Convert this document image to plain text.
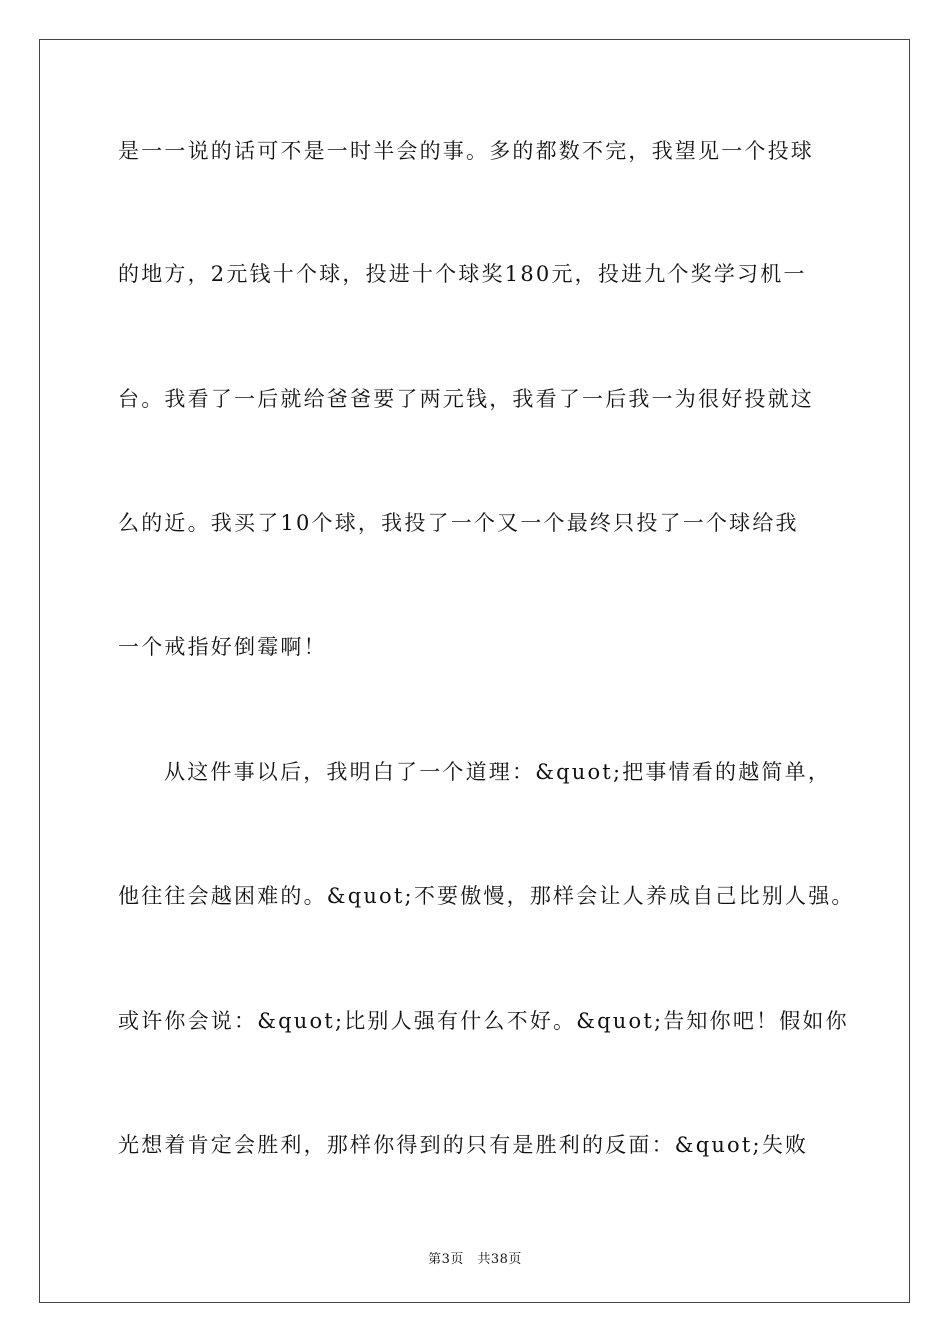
是一一说的话可不是一时半会的事。多的都数不完，我望见一个投球
的地方，2元钱十个球，投进十个球奖180元，投进九个奖学习机一
台。我看了一后就给爸爸要了两元钱，我看了一后我一为很好投就这
么的近。我买了10个球，我投了一个又一个最终只投了一个球给我
一个戒指好倒霉啊！
从这件事以后，我明白了一个道理：&quot;把事情看的越简单，
他往往会越困难的。&quot;不要傲慢，那样会让人养成自己比别人强。
或许你会说：&quot;比别人强有什么不好。&quot;告知你吧！假如你
光想着肯定会胜利，那样你得到的只有是胜利的反面：&quot;失败
第3页　共38页
